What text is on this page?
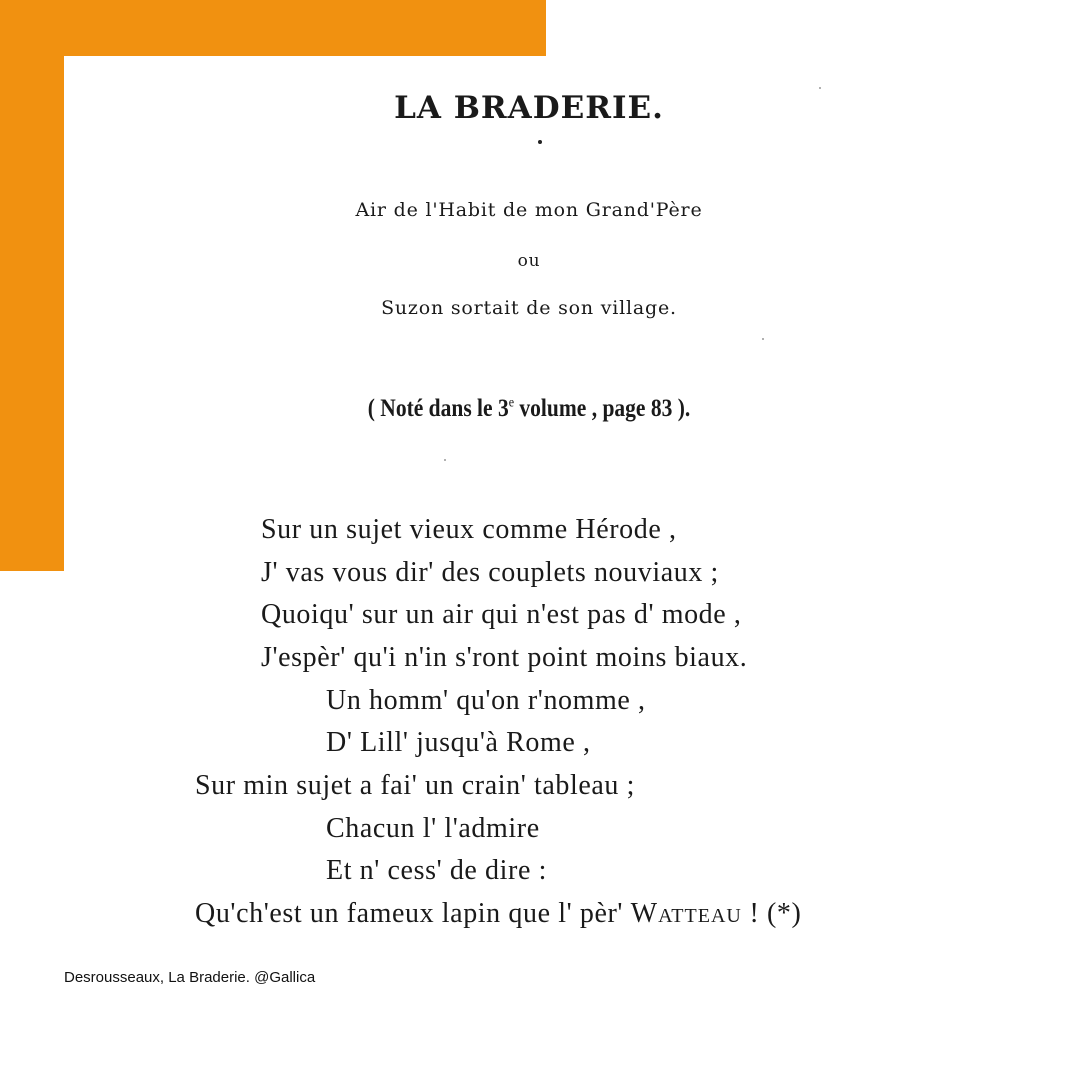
LA BRADERIE.
Air de l'Habit de mon Grand'Père
ou
Suzon sortait de son village.
( Noté dans le 3e volume , page 83 ).
Sur un sujet vieux comme Hérode ,
J' vas vous dir' des couplets nouviaux ;
Quoiqu' sur un air qui n'est pas d' mode ,
J'espèr' qu'i n'in s'ront point moins biaux.
Un homm' qu'on r'nomme ,
D' Lill' jusqu'à Rome ,
Sur min sujet a fai' un crain' tableau ;
Chacun l' l'admire
Et n' cess' de dire :
Qu'ch'est un fameux lapin que l' pèr' Watteau ! (*)
Desrousseaux, La Braderie. @Gallica
